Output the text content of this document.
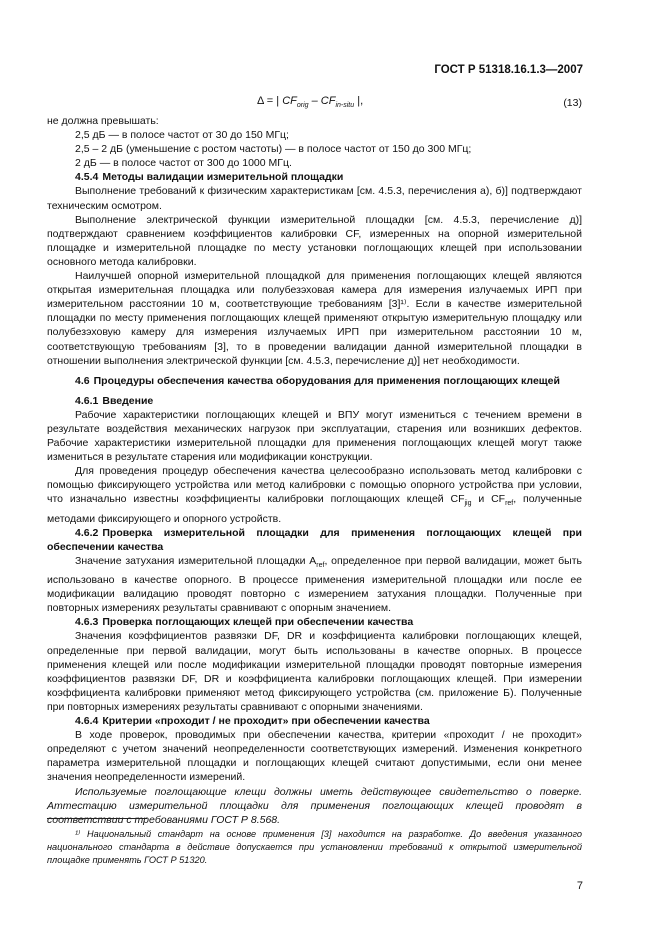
ГОСТ Р 51318.16.1.3—2007
Δ = | $CF_{orig} - CF_{in-situ}$ |,	(13)

не должна превышать:

2,5 дБ — в полосе частот от 30 до 150 МГц;

2,5 – 2 дБ (уменьшение с ростом частоты) — в полосе частот от 150 до 300 МГц;

2 дБ — в полосе частот от 300 до 1000 МГц.

4.5.4 Методы валидации измерительной площадки

Выполнение требований к физическим характеристикам [см. 4.5.3, перечисления а), б)] подтверждают техническим осмотром.

Выполнение электрической функции измерительной площадки [см. 4.5.3, перечисление д)] подтверждают сравнением коэффициентов калибровки CF, измеренных на опорной измерительной площадке и измерительной площадке по месту установки поглощающих клещей при использовании основного метода калибровки.

Наилучшей опорной измерительной площадкой для применения поглощающих клещей являются открытая измерительная площадка или полубезэховая камера для измерения излучаемых ИРП при измерительном расстоянии 10 м, соответствующие требованиям [3]¹⁾. Если в качестве измерительной площадки по месту применения поглощающих клещей применяют открытую измерительную площадку или полубезэховую камеру для измерения излучаемых ИРП при измерительном расстоянии 10 м, соответствующую требованиям [3], то в проведении валидации данной измерительной площадки в отношении выполнения электрической функции [см. 4.5.3, перечисление д)] нет необходимости.

4.6 Процедуры обеспечения качества оборудования для применения поглощающих клещей

4.6.1 Введение

Рабочие характеристики поглощающих клещей и ВПУ могут измениться с течением времени в результате воздействия механических нагрузок при эксплуатации, старения или возникших дефектов. Рабочие характеристики измерительной площадки для применения поглощающих клещей могут также измениться в результате старения или модификации конструкции.

Для проведения процедур обеспечения качества целесообразно использовать метод калибровки с помощью фиксирующего устройства или метод калибровки с помощью опорного устройства при условии, что изначально известны коэффициенты калибровки поглощающих клещей $CF_{jig}$ и $CF_{ref}$, полученные методами фиксирующего и опорного устройств.

4.6.2 Проверка измерительной площадки для применения поглощающих клещей при обеспечении качества

Значение затухания измерительной площадки $A_{ref}$, определенное при первой валидации, может быть использовано в качестве опорного. В процессе применения измерительной площадки или после ее модификации валидацию проводят повторно с измерением затухания площадки. Полученные при повторных измерениях результаты сравнивают с опорным значением.

4.6.3 Проверка поглощающих клещей при обеспечении качества

Значения коэффициентов развязки DF, DR и коэффициента калибровки поглощающих клещей, определенные при первой валидации, могут быть использованы в качестве опорных. В процессе применения клещей или после модификации измерительной площадки проводят повторные измерения коэффициентов развязки DF, DR и коэффициента калибровки поглощающих клещей. При измерении коэффициента калибровки применяют метод фиксирующего устройства (см. приложение Б). Полученные при повторных измерениях результаты сравнивают с опорными значениями.

4.6.4 Критерии «проходит / не проходит» при обеспечении качества

В ходе проверок, проводимых при обеспечении качества, критерии «проходит / не проходит» определяют с учетом значений неопределенности соответствующих измерений. Изменения конкретного параметра измерительной площадки и поглощающих клещей считают допустимыми, если они менее значения неопределенности измерений.

Используемые поглощающие клещи должны иметь действующее свидетельство о поверке. Аттестацию измерительной площадки для применения поглощающих клещей проводят в соответствии с требованиями ГОСТ Р 8.568.

¹⁾ Национальный стандарт на основе применения [3] находится на разработке. До введения указанного национального стандарта в действие допускается при установлении требований к открытой измерительной площадке применять ГОСТ Р 51320.

7
